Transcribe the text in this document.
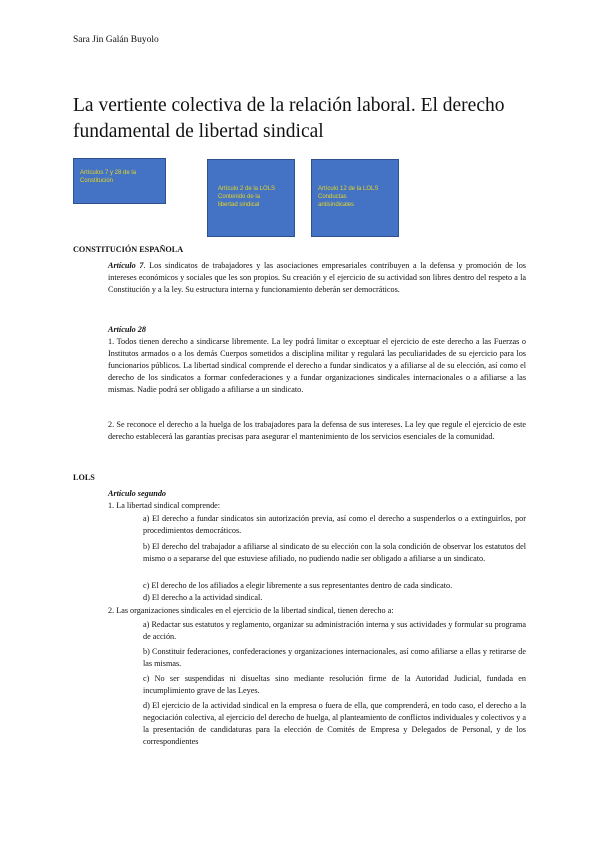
Sara Jin Galán Buyolo
La vertiente colectiva de la relación laboral. El derecho fundamental de libertad sindical
Artículos 7 y 28 de la
Constitución
Artículo 2 de la LOLS
Contenido de la
libertad sindical
Artículo 12 de la LOLS
Conductas
antisindicales
CONSTITUCIÓN ESPAÑOLA

Artículo 7. Los sindicatos de trabajadores y las asociaciones empresariales contribuyen a la defensa y promoción de los intereses económicos y sociales que les son propios. Su creación y el ejercicio de su actividad son libres dentro del respeto a la Constitución y a la ley. Su estructura interna y funcionamiento deberán ser democráticos.

Artículo 28

1. Todos tienen derecho a sindicarse libremente. La ley podrá limitar o exceptuar el ejercicio de este derecho a las Fuerzas o Institutos armados o a los demás Cuerpos sometidos a disciplina militar y regulará las peculiaridades de su ejercicio para los funcionarios públicos. La libertad sindical comprende el derecho a fundar sindicatos y a afiliarse al de su elección, así como el derecho de los sindicatos a formar confederaciones y a fundar organizaciones sindicales internacionales o a afiliarse a las mismas. Nadie podrá ser obligado a afiliarse a un sindicato.

2. Se reconoce el derecho a la huelga de los trabajadores para la defensa de sus intereses. La ley que regule el ejercicio de este derecho establecerá las garantías precisas para asegurar el mantenimiento de los servicios esenciales de la comunidad.

LOLS
Artículo segundo

1. La libertad sindical comprende:

a) El derecho a fundar sindicatos sin autorización previa, así como el derecho a suspenderlos o a extinguirlos, por procedimientos democráticos.

b) El derecho del trabajador a afiliarse al sindicato de su elección con la sola condición de observar los estatutos del mismo o a separarse del que estuviese afiliado, no pudiendo nadie ser obligado a afiliarse a un sindicato.

c) El derecho de los afiliados a elegir libremente a sus representantes dentro de cada sindicato.

d) El derecho a la actividad sindical.

2. Las organizaciones sindicales en el ejercicio de la libertad sindical, tienen derecho a:

a) Redactar sus estatutos y reglamento, organizar su administración interna y sus actividades y formular su programa de acción.

b) Constituir federaciones, confederaciones y organizaciones internacionales, así como afiliarse a ellas y retirarse de las mismas.

c) No ser suspendidas ni disueltas sino mediante resolución firme de la Autoridad Judicial, fundada en incumplimiento grave de las Leyes.

d) El ejercicio de la actividad sindical en la empresa o fuera de ella, que comprenderá, en todo caso, el derecho a la negociación colectiva, al ejercicio del derecho de huelga, al planteamiento de conflictos individuales y colectivos y a la presentación de candidaturas para la elección de Comités de Empresa y Delegados de Personal, y de los correspondientes
